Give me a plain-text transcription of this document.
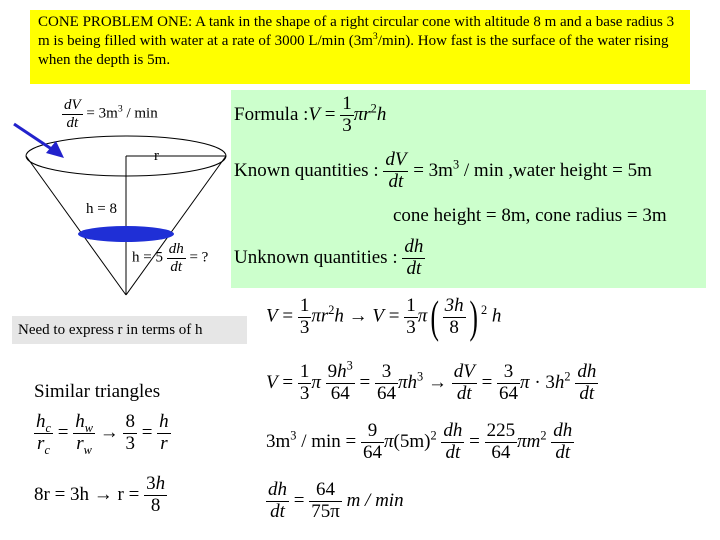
CONE PROBLEM ONE: A tank in the shape of a right circular cone with altitude 8 m and a base radius 3 m is being filled with water at a rate of 3000 L/min $(3m^3/\min)$. How fast is the surface of the water rising when the depth is 5m.
$\frac{dV}{dt} = 3m^3 / \min$
r
h = 8
$h = 5 \frac{dh}{dt}$ = ?
Formula :V = $\frac{1}{3} \pi r^2h$
Known quantities : $\frac{dV}{dt} = 3m^3 / \min$ ,water height = 5m
cone height = 8m, cone radius = 3m
Unknown quantities : $\frac{dh}{dt}$
Need to express r in terms of h
$V = \frac{1}{3} \pi r^2h \to V = \frac{1}{3} \pi( \frac{3h}{8}$ ) $^2$ h
$V = \frac{1}{3}$ π $\frac{9h^3}{64} = \frac{3}{64} \pi h^3 \to \frac{dV}{dt} = \frac{3}{64}$ $\pi \cdot 3h^2 \frac{dh}{dt}$
$3m^3 / \min = \frac{9}{64} \pi(5m)^2 \frac{dh}{dt} = \frac{225}{64} \pi m^2 \frac{dh}{dt}$
$\frac{dh}{dt} = \frac{64}{75\pi}$ m / min
Similar triangles
$\frac{h_c}{r_c} = \frac{h_w}{r_w} \to \frac{8}{3} = \frac{h}{r}$
$8r = 3h \to r = \frac{3h}{8}$
